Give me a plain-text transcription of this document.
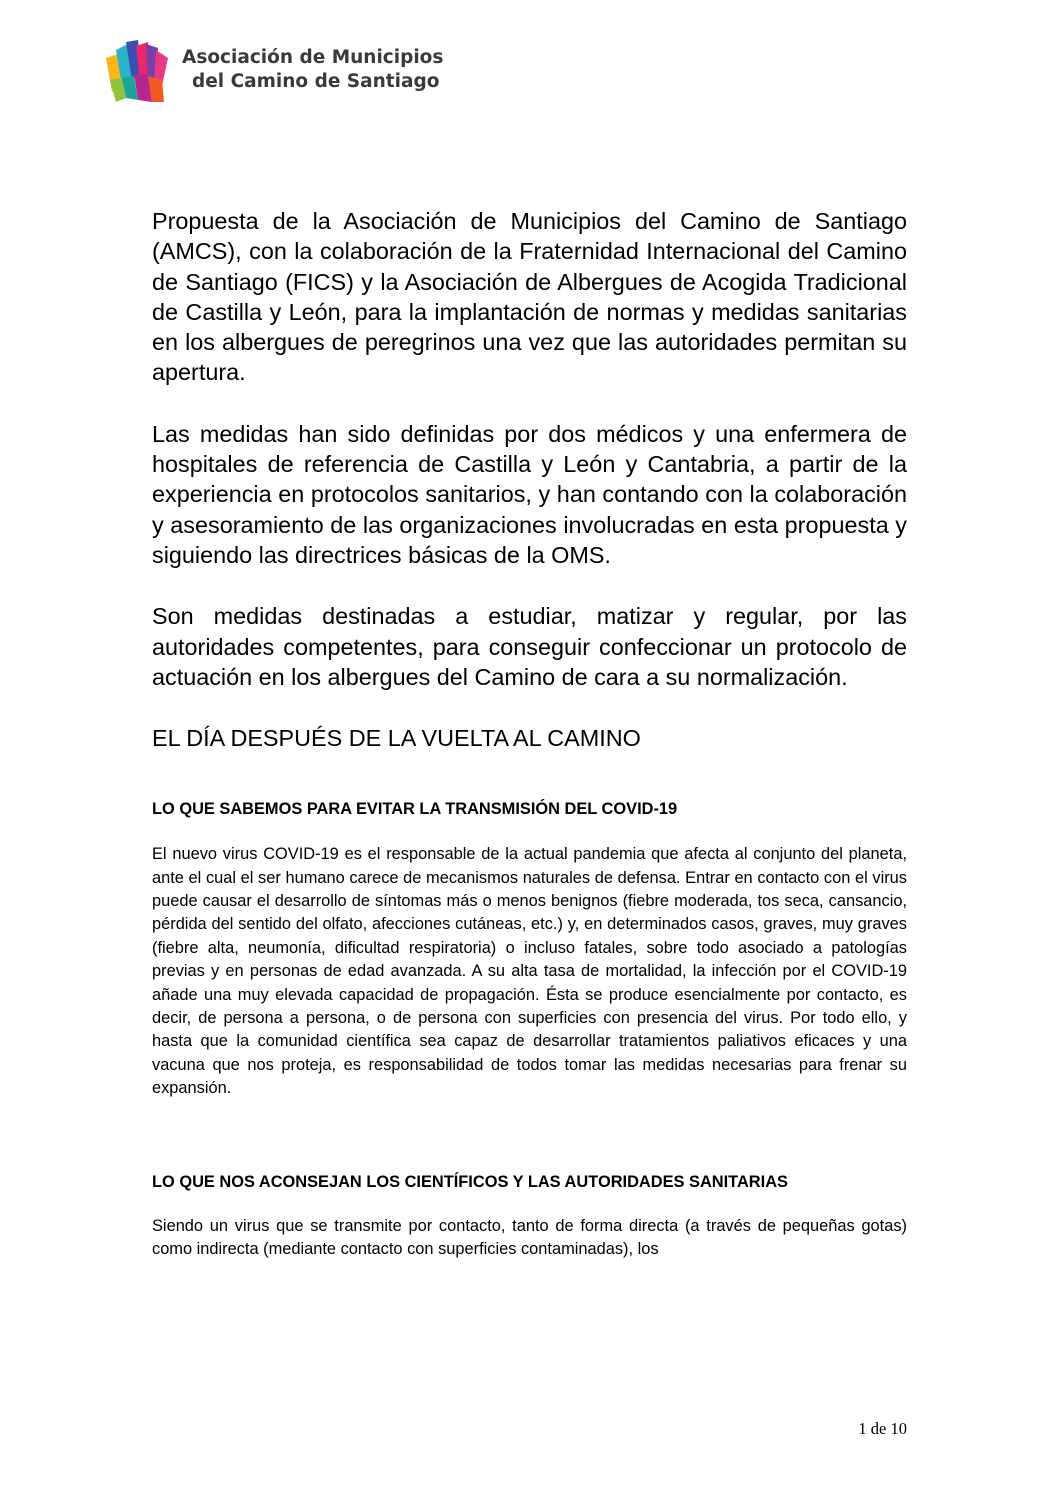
Asociación de Municipios
del Camino de Santiago

Propuesta de la Asociación de Municipios del Camino de Santiago (AMCS), con la colaboración de la Fraternidad Internacional del Camino de Santiago (FICS) y la Asociación de Albergues de Acogida Tradicional de Castilla y León, para la implantación de normas y medidas sanitarias en los albergues de peregrinos una vez que las autoridades permitan su apertura.

Las medidas han sido definidas por dos médicos y una enfermera de hospitales de referencia de Castilla y León y Cantabria, a partir de la experiencia en protocolos sanitarios, y han contando con la colaboración y asesoramiento de las organizaciones involucradas en esta propuesta y siguiendo las directrices básicas de la OMS.

Son medidas destinadas a estudiar, matizar y regular, por las autoridades competentes, para conseguir confeccionar un protocolo de actuación en los albergues del Camino de cara a su normalización.

EL DÍA DESPUÉS DE LA VUELTA AL CAMINO
LO QUE SABEMOS PARA EVITAR LA TRANSMISIÓN DEL COVID-19

El nuevo virus COVID-19 es el responsable de la actual pandemia que afecta al conjunto del planeta, ante el cual el ser humano carece de mecanismos naturales de defensa. Entrar en contacto con el virus puede causar el desarrollo de síntomas más o menos benignos (fiebre moderada, tos seca, cansancio, pérdida del sentido del olfato, afecciones cutáneas, etc.) y, en determinados casos, graves, muy graves (fiebre alta, neumonía, dificultad respiratoria) o incluso fatales, sobre todo asociado a patologías previas y en personas de edad avanzada. A su alta tasa de mortalidad, la infección por el COVID-19 añade una muy elevada capacidad de propagación. Ésta se produce esencialmente por contacto, es decir, de persona a persona, o de persona con superficies con presencia del virus. Por todo ello, y hasta que la comunidad científica sea capaz de desarrollar tratamientos paliativos eficaces y una vacuna que nos proteja, es responsabilidad de todos tomar las medidas necesarias para frenar su expansión.

LO QUE NOS ACONSEJAN LOS CIENTÍFICOS Y LAS AUTORIDADES SANITARIAS

Siendo un virus que se transmite por contacto, tanto de forma directa (a través de pequeñas gotas) como indirecta (mediante contacto con superficies contaminadas), los

1 de 10
